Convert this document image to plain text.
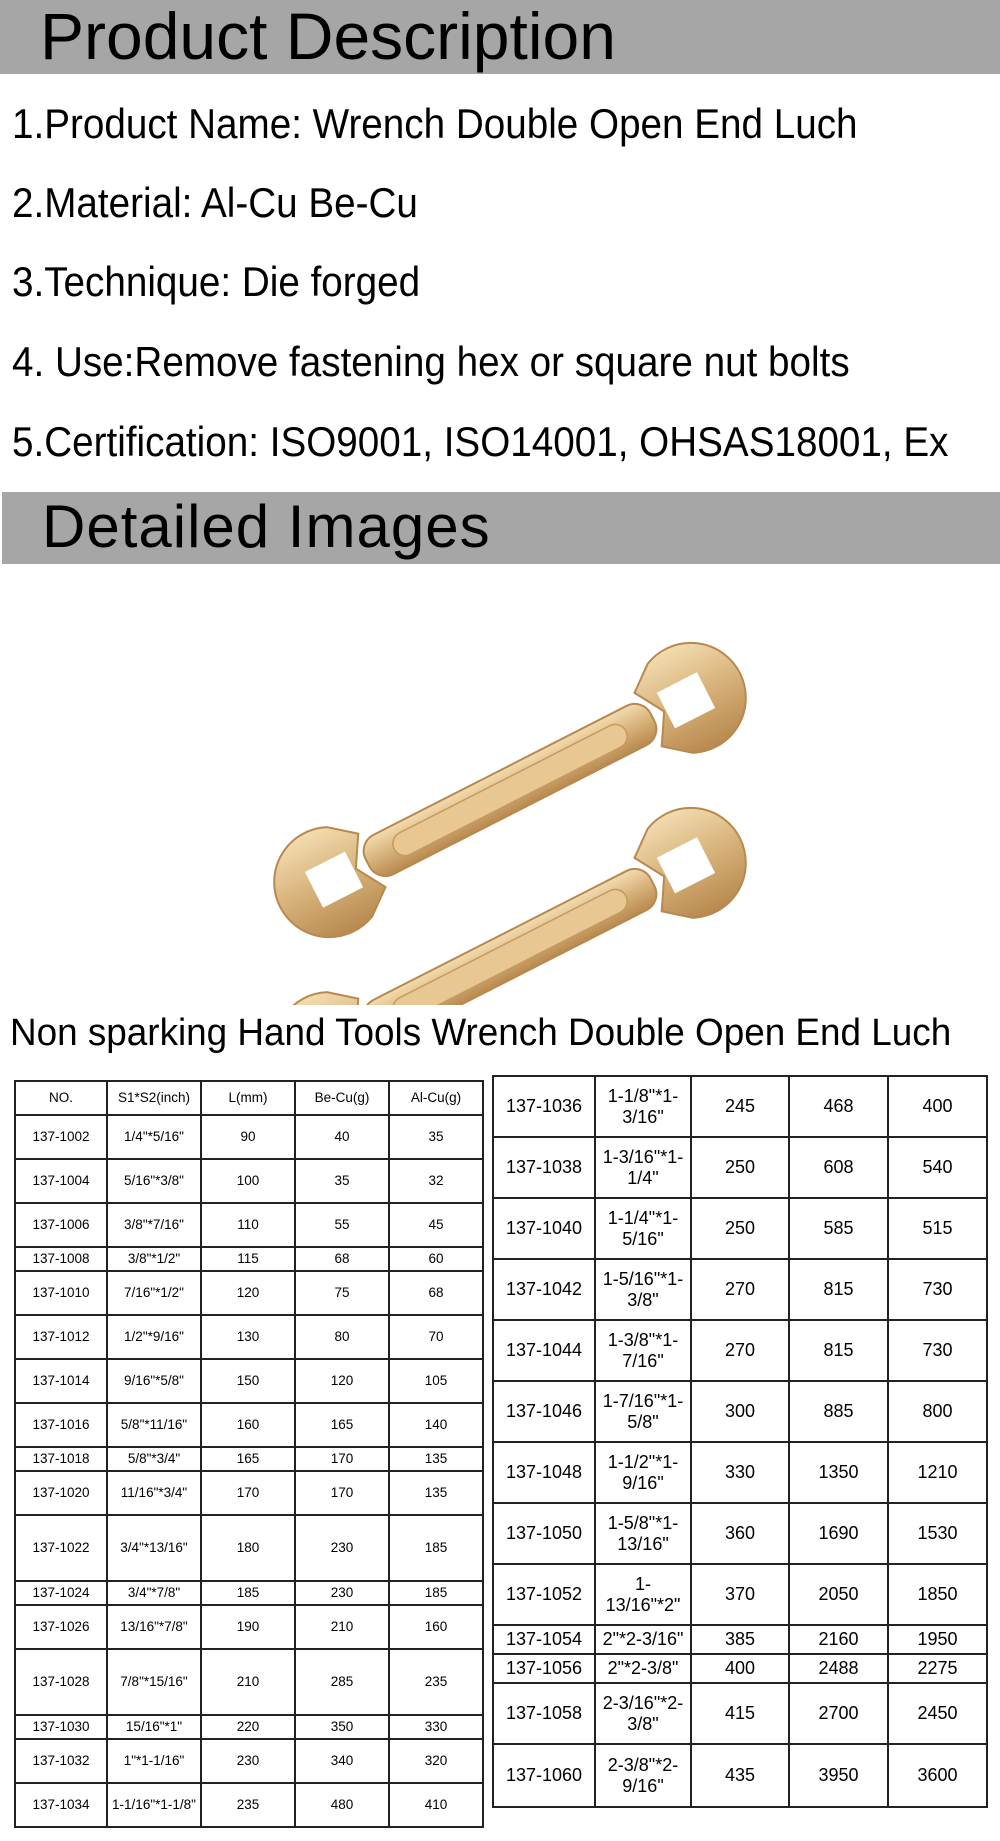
Product Description
1.Product Name: Wrench Double Open End Luch
2.Material: Al-Cu Be-Cu
3.Technique: Die forged
4. Use:Remove fastening hex or square nut bolts
5.Certification: ISO9001, ISO14001, OHSAS18001, Ex
Detailed Images
Non sparking Hand Tools Wrench Double Open End Luch
NO.	S1*S2(inch)	L(mm)	Be-Cu(g)	Al-Cu(g)
137-1002	1/4"*5/16"	90	40	35
137-1004	5/16"*3/8"	100	35	32
137-1006	3/8"*7/16"	110	55	45
137-1008	3/8"*1/2"	115	68	60
137-1010	7/16"*1/2"	120	75	68
137-1012	1/2"*9/16"	130	80	70
137-1014	9/16"*5/8"	150	120	105
137-1016	5/8"*11/16"	160	165	140
137-1018	5/8"*3/4"	165	170	135
137-1020	11/16"*3/4"	170	170	135
137-1022	3/4"*13/16"	180	230	185
137-1024	3/4"*7/8"	185	230	185
137-1026	13/16"*7/8"	190	210	160
137-1028	7/8"*15/16"	210	285	235
137-1030	15/16"*1"	220	350	330
137-1032	1"*1-1/16"	230	340	320
137-1034	1-1/16"*1-1/8"	235	480	410
137-1036	1-1/8"*1-3/16"	245	468	400
137-1038	1-3/16"*1-1/4"	250	608	540
137-1040	1-1/4"*1-5/16"	250	585	515
137-1042	1-5/16"*1-3/8"	270	815	730
137-1044	1-3/8"*1-7/16"	270	815	730
137-1046	1-7/16"*1-5/8"	300	885	800
137-1048	1-1/2"*1-9/16"	330	1350	1210
137-1050	1-5/8"*1-13/16"	360	1690	1530
137-1052	1-13/16"*2"	370	2050	1850
137-1054	2"*2-3/16"	385	2160	1950
137-1056	2"*2-3/8"	400	2488	2275
137-1058	2-3/16"*2-3/8"	415	2700	2450
137-1060	2-3/8"*2-9/16"	435	3950	3600
